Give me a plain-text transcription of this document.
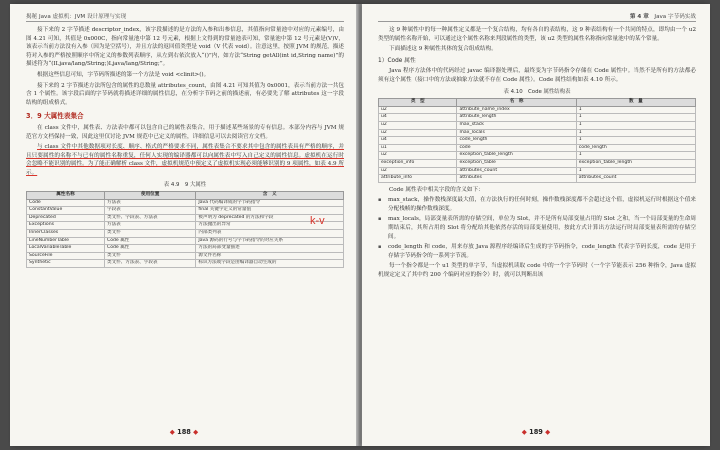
揭秘 Java 虚拟机：JVM 设计原理与实现

接下来的 2 字节描述 descriptor_index，该字段描述的是方法的入参和出参信息，其值指向常量池中对应的元素编号，由图 4.21 可知，其值是 0x000C，指向常量池中第 12 号元素，根据上文得到的常量池表可知，常量池中第 12 号元素是(V)V，该表示当前方法没有入参（因为是空括号），并且方法的返回值类型是 void（V 代表 void）。注意这里，按照 JVM 的规范，描述符对入参的严格按照顺序中所定义的参数列表顺序，从左到右依次放入“()”内，如方法“String getAll(int id,String name)”的描述符为“(ILjava/lang/String;)Ljava/lang/String;”。

根据这些信息可知，字节码所描述的第一个方法是 void <clinit>()。

接下来的 2 字节描述方法所包含的属性的总数量 attributes_count，由图 4.21 可知其值为 0x0001，表示当前方法一共包含 1 个属性。该字段后面的字节码就将描述详细的属性信息，在分析字节码之前的描述前，有必要先了解 attributes 这一字段结构的组成格式。

3．9 大属性表集合

在 class 文件中，属性表、方法表中都可以包含自己的属性表集合，用于描述某些场景的专有信息。本部分内容与 JVM 规范官方文档保持一致，因此这里仅讨论 JVM 规范中已定义的属性，详细信息可以去阅读官方文档。

与 class 文件中其他数据项对长度、顺序、格式的严格要求不同，属性表集合不要求其中包含的属性表具有严格的顺序，并且只要属性的名称不与已有的属性名称重复，任何人实现的编译器都可以向属性表中写入自己定义的属性信息。虚拟机在运行时会忽略不能识别的属性。为了能正确解析 class 文件，虚拟机规范中预定义了虚拟机实现必须能够识别的 9 项属性，如表 4.9 所示。

表 4.9　9 大属性
属性名称	使用位置	含　义
Code	方法表	Java 代码编译成的字节码指令
ConstantValue	字段表	final 关键字定义的常量值
Deprecated	类文件、字段表、方法表	被声明为 deprecated 的方法和字段
Exceptions	方法表	方法抛出的异常
InnerClasses	类文件	内部类列表
LineNumberTable	Code 属性	Java 源码的行号与字节码指令的对应关系
LocalVariableTable	Code 属性	方法的局部变量描述
SourceFile	类文件	源文件名称
Synthetic	类文件、方法表、字段表	标识方法或字段是由编译器自动生成的
k-v
◆ 188 ◆
第 4 章　 Java 字节码实战

这 9 种属性中的每一种属性定义都是一个复合结构，均有各自的表结构，这 9 种表结构有一个共同的特点，即均由一个 u2 类型的属性名称开始，可以通过这个属性名称来判段属性的类型，该 u2 类型的属性名称指向常量池中的某个常量。

下面描述这 9 种属性其体的复合组成结构。

1）Code 属性

Java 程序方法体中的代码经过 javac 编译器处理后，最终变为字节码指令存储在 Code 属性中。当然不是所有的方法都必须有这个属性（接口中的方法或抽象方法就不存在 Code 属性）。Code 属性结构如表 4.10 所示。

表 4.10　Code 属性结构表
类　型	名　称	数　量
u2	attribute_name_index	1
u4	attribute_length	1
u2	max_stack	1
u2	max_locals	1
u4	code_length	1
u1	code	code_length
u2	exception_table_length	1
exception_info	exception_table	exception_table_length
u2	attributes_count	1
attribute_info	attributes	attributes_count

Code 属性表中相关字段的含义如下：

▪ max_stack，操作数栈深度最大值，在方法执行的任何时刻，操作数栈深度都不会超过这个值，虚拟机运行时根据这个值来分配栈帧的操作数栈深度。
▪ max_locals，局部变量表所需的存储空间，单位为 Slot，并不是所有局部变量占用的 Slot 之和，当一个局部变量的生命周期结束后，其所占用的 Slot 将分配给其他依然存活的局部变量使用，按此方式计算出方法运行时局部变量表所需的存储空间。
▪ code_length 和 code，用来存放 Java 源程序经编译后生成的字节码指令，code_length 代表字节码长度，code 是用于存储字节码指令的一系列字节流。

每一个指令都是一个 u1 类型的单字节，当虚拟机读取 code 中的一个字节码时（一个字节能表示 256 种指令，Java 虚拟机规定定义了其中约 200 个编码对应的指令）时，就可以判断出该

◆ 189 ◆
